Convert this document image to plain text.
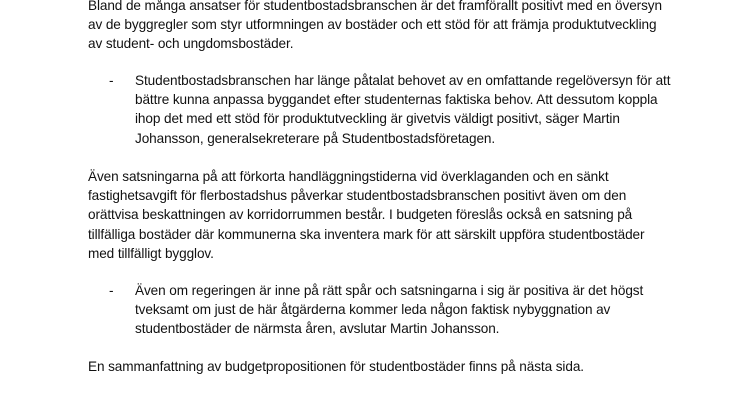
Bland de många ansatser för studentbostadsbranschen är det framförallt positivt med en översyn
av de byggregler som styr utformningen av bostäder och ett stöd för att främja produktutveckling
av student- och ungdomsbostäder.
-	Studentbostadsbranschen har länge påtalat behovet av en omfattande regelöversyn för att
bättre kunna anpassa byggandet efter studenternas faktiska behov. Att dessutom koppla
ihop det med ett stöd för produktutveckling är givetvis väldigt positivt, säger Martin
Johansson, generalsekreterare på Studentbostadsföretagen.
Även satsningarna på att förkorta handläggningstiderna vid överklaganden och en sänkt
fastighetsavgift för flerbostadshus påverkar studentbostadsbranschen positivt även om den
orättvisa beskattningen av korridorrummen består. I budgeten föreslås också en satsning på
tillfälliga bostäder där kommunerna ska inventera mark för att särskilt uppföra studentbostäder
med tillfälligt bygglov.
-	Även om regeringen är inne på rätt spår och satsningarna i sig är positiva är det högst
tveksamt om just de här åtgärderna kommer leda någon faktisk nybyggnation av
studentbostäder de närmsta åren, avslutar Martin Johansson.
En sammanfattning av budgetpropositionen för studentbostäder finns på nästa sida.
